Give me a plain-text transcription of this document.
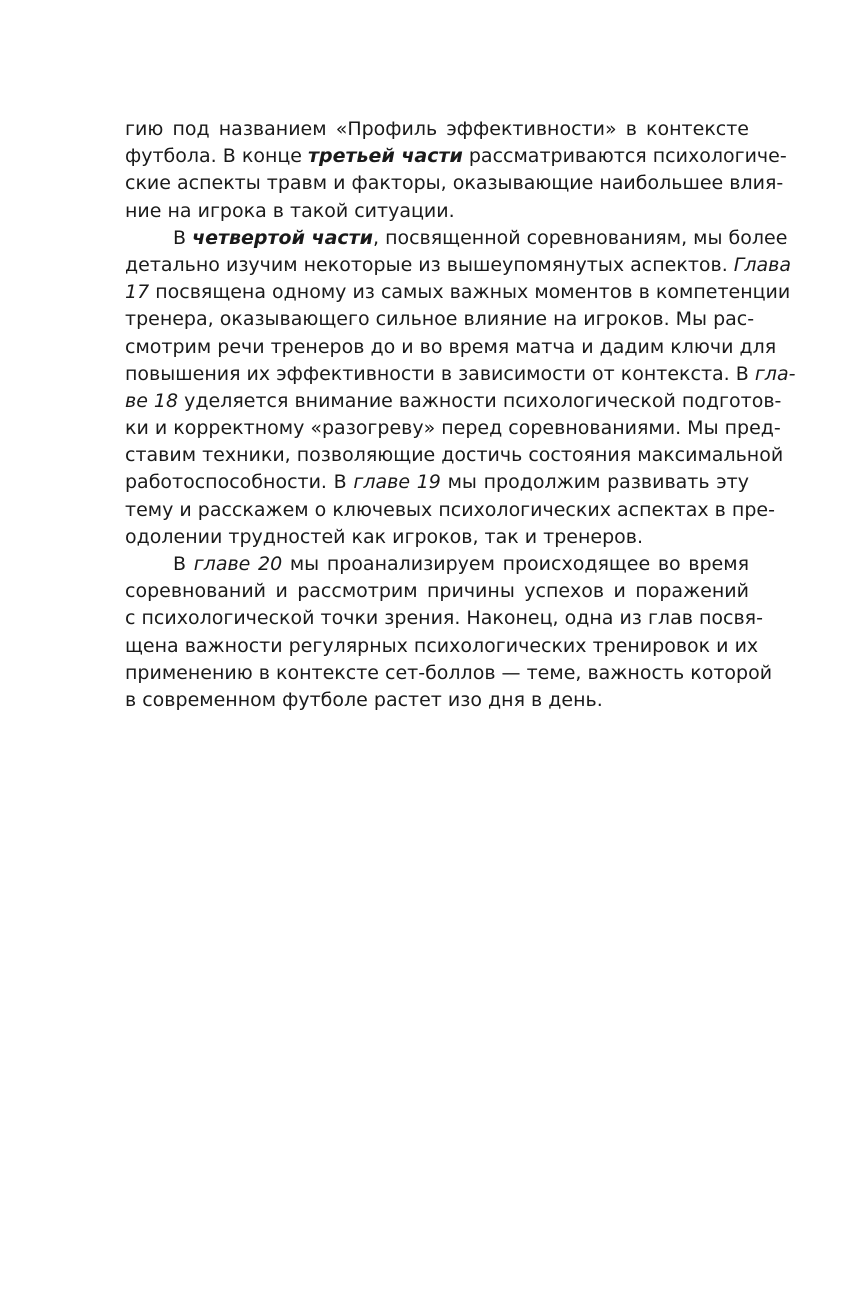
гию под названием «Профиль эффективности» в контексте
футбола. В конце третьей части рассматриваются психологиче-
ские аспекты травм и факторы, оказывающие наибольшее влия-
ние на игрока в такой ситуации.
В четвертой части, посвященной соревнованиям, мы более
детально изучим некоторые из вышеупомянутых аспектов. Глава
17 посвящена одному из самых важных моментов в компетенции
тренера, оказывающего сильное влияние на игроков. Мы рас-
смотрим речи тренеров до и во время матча и дадим ключи для
повышения их эффективности в зависимости от контекста. В гла-
ве 18 уделяется внимание важности психологической подготов-
ки и корректному «разогреву» перед соревнованиями. Мы пред-
ставим техники, позволяющие достичь состояния максимальной
работоспособности. В главе 19 мы продолжим развивать эту
тему и расскажем о ключевых психологических аспектах в пре-
одолении трудностей как игроков, так и тренеров.
В главе 20 мы проанализируем происходящее во время
соревнований и рассмотрим причины успехов и поражений
с психологической точки зрения. Наконец, одна из глав посвя-
щена важности регулярных психологических тренировок и их
применению в контексте сет-боллов — теме, важность которой
в современном футболе растет изо дня в день.
